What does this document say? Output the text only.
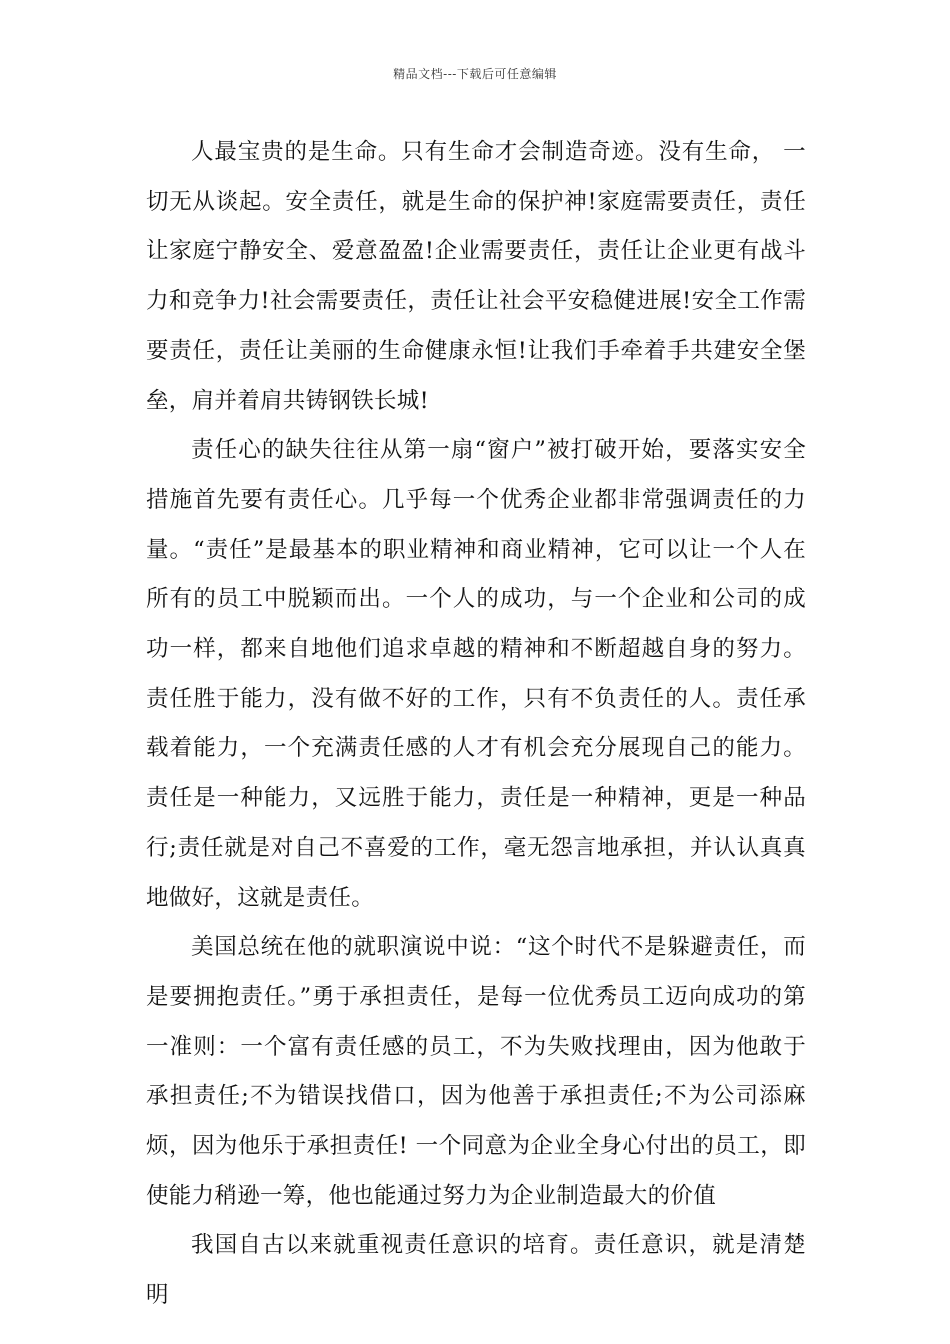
精品文档---下载后可任意编辑

人最宝贵的是生命。只有生命才会制造奇迹。没有生命， 一切无从谈起。安全责任，就是生命的保护神!家庭需要责任，责任让家庭宁静安全、爱意盈盈!企业需要责任，责任让企业更有战斗力和竞争力!社会需要责任，责任让社会平安稳健进展!安全工作需要责任，责任让美丽的生命健康永恒!让我们手牵着手共建安全堡垒，肩并着肩共铸钢铁长城!

责任心的缺失往往从第一扇“窗户”被打破开始，要落实安全措施首先要有责任心。几乎每一个优秀企业都非常强调责任的力量。“责任”是最基本的职业精神和商业精神，它可以让一个人在所有的员工中脱颖而出。一个人的成功，与一个企业和公司的成功一样，都来自地他们追求卓越的精神和不断超越自身的努力。责任胜于能力，没有做不好的工作，只有不负责任的人。责任承载着能力，一个充满责任感的人才有机会充分展现自己的能力。责任是一种能力，又远胜于能力，责任是一种精神，更是一种品行;责任就是对自己不喜爱的工作，毫无怨言地承担，并认认真真地做好，这就是责任。

美国总统在他的就职演说中说：“这个时代不是躲避责任，而是要拥抱责任。”勇于承担责任，是每一位优秀员工迈向成功的第一准则：一个富有责任感的员工，不为失败找理由，因为他敢于承担责任;不为错误找借口，因为他善于承担责任;不为公司添麻烦，因为他乐于承担责任! 一个同意为企业全身心付出的员工，即使能力稍逊一筹，他也能通过努力为企业制造最大的价值

我国自古以来就重视责任意识的培育。责任意识，就是清楚明
